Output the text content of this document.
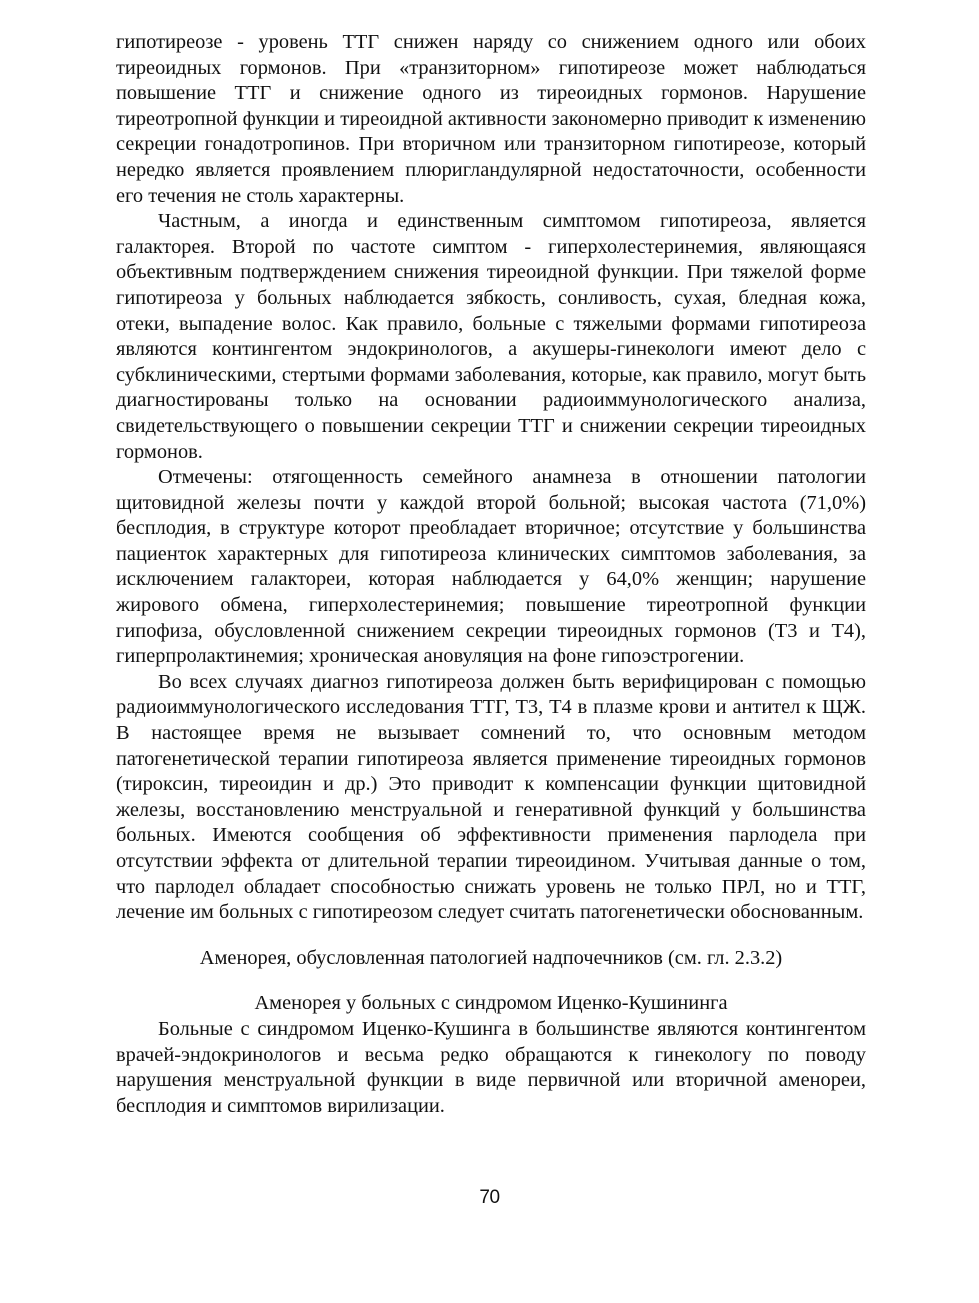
гипотиреозе - уровень ТТГ снижен наряду со снижением одного или обоих тиреоидных гормонов. При «транзиторном» гипотиреозе может наблюдаться повышение ТТГ и снижение одного из тиреоидных гормонов. Нарушение тиреотропной функции и тиреоидной активности закономерно приводит к изменению секреции гонадотропинов. При вторичном или транзиторном гипотиреозе, который нередко является проявлением плюригландулярной недостаточности, особенности его течения не столь характерны.

Частным, а иногда и единственным симптомом гипотиреоза, является галакторея. Второй по частоте симптом - гиперхолестеринемия, являющаяся объективным подтверждением снижения тиреоидной функции. При тяжелой форме гипотиреоза у больных наблюдается зябкость, сонливость, сухая, бледная кожа, отеки, выпадение волос. Как правило, больные с тяжелыми формами гипотиреоза являются контингентом эндокринологов, а акушеры-гинекологи имеют дело с субклиническими, стертыми формами заболевания, которые, как правило, могут быть диагностированы только на основании радиоиммунологического анализа, свидетельствующего о повышении секреции ТТГ и снижении секреции тиреоидных гормонов.

Отмечены: отягощенность семейного анамнеза в отношении патологии щитовидной железы почти у каждой второй больной; высокая частота (71,0%) бесплодия, в структуре которот преобладает вторичное; отсутствие у большинства пациенток характерных для гипотиреоза клинических симптомов заболевания, за исключением галактореи, которая наблюдается у 64,0% женщин; нарушение жирового обмена, гиперхолестеринемия; повышение тиреотропной функции гипофиза, обусловленной снижением секреции тиреоидных гормонов (Т3 и Т4), гиперпролактинемия; хроническая ановуляция на фоне гипоэстрогении.

Во всех случаях диагноз гипотиреоза должен быть верифицирован с помощью радиоиммунологического исследования ТТГ, Т3, Т4 в плазме крови и антител к ЩЖ. В настоящее время не вызывает сомнений то, что основным методом патогенетической терапии гипотиреоза является применение тиреоидных гормонов (тироксин, тиреоидин и др.) Это приводит к компенсации функции щитовидной железы, восстановлению менструальной и генеративной функций у большинства больных. Имеются сообщения об эффективности применения парлодела при отсутствии эффекта от длительной терапии тиреоидином. Учитывая данные о том, что парлодел обладает способностью снижать уровень не только ПРЛ, но и ТТГ, лечение им больных с гипотиреозом следует считать патогенетически обоснованным.

Аменорея, обусловленная патологией надпочечников (см. гл. 2.3.2)

Аменорея у больных с синдромом Иценко-Кушининга

Больные с синдромом Иценко-Кушинга в большинстве являются контингентом врачей-эндокринологов и весьма редко обращаются к гинекологу по поводу нарушения менструальной функции в виде первичной или вторичной аменореи, бесплодия и симптомов вирилизации.

70
